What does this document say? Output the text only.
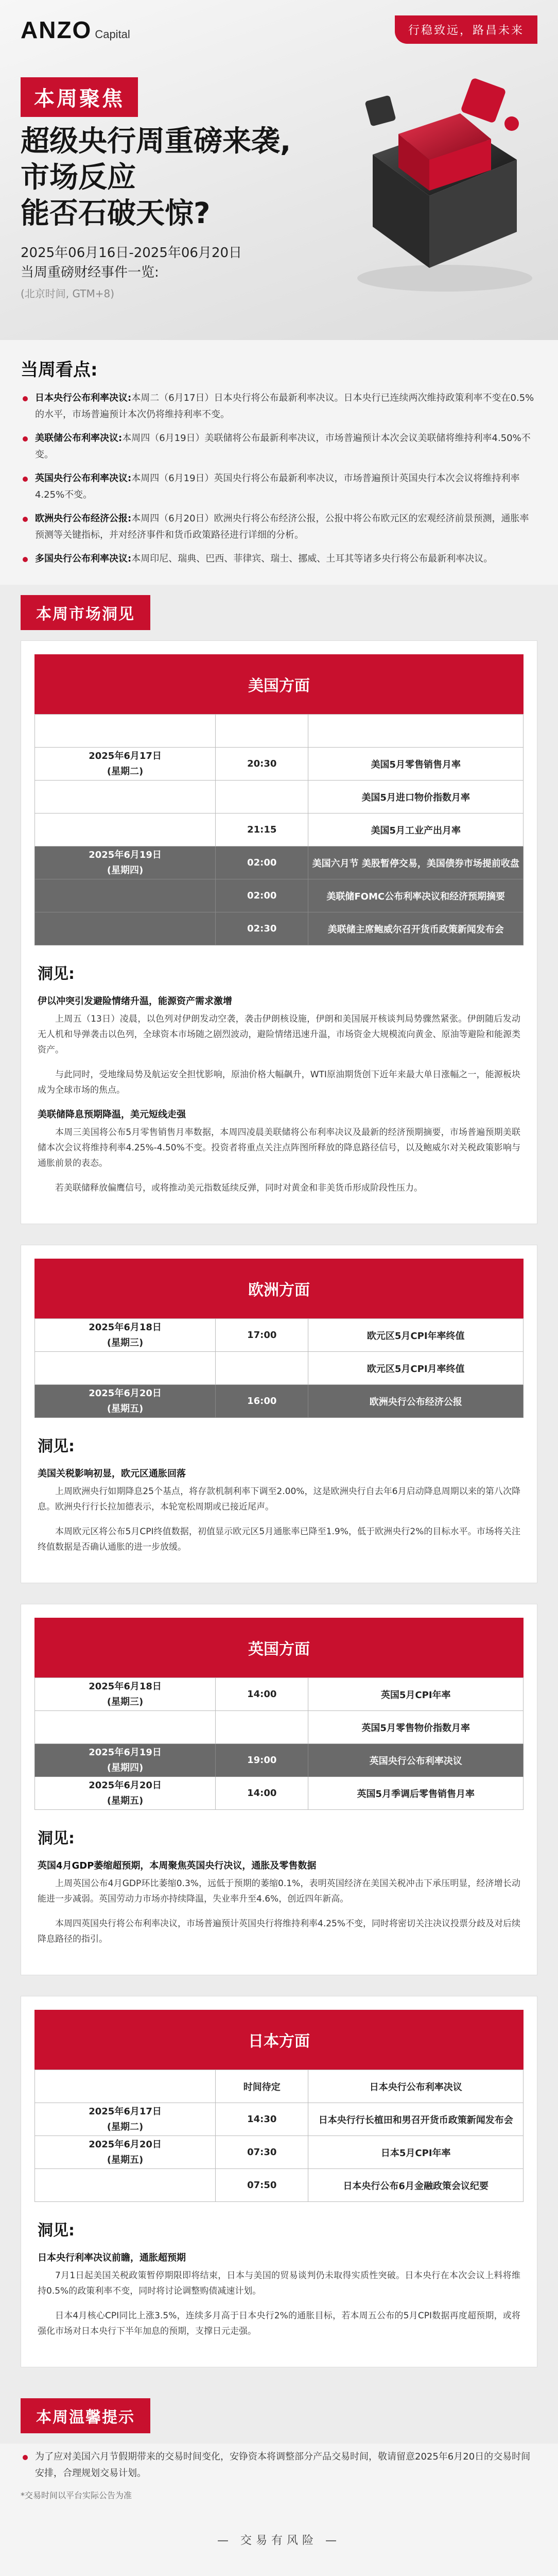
ANZO Capital	行稳致远，路昌未来
本周聚焦
超级央行周重磅来袭,
市场反应
能否石破天惊?
2025年06月16日-2025年06月20日
当周重磅财经事件一览:
(北京时间, GTM+8)
当周看点:
日本央行公布利率决议:本周二（6月17日）日本央行将公布最新利率决议。日本央行已连续两次维持政策利率不变在0.5%的水平，市场普遍预计本次仍将维持利率不变。
美联储公布利率决议:本周四（6月19日）美联储将公布最新利率决议，市场普遍预计本次会议美联储将维持利率4.50%不变。
英国央行公布利率决议:本周四（6月19日）英国央行将公布最新利率决议，市场普遍预计英国央行本次会议将维持利率4.25%不变。
欧洲央行公布经济公报:本周四（6月20日）欧洲央行将公布经济公报，公报中将公布欧元区的宏观经济前景预测，通胀率预测等关键指标，并对经济事件和货币政策路径进行详细的分析。
多国央行公布利率决议:本周印尼、瑞典、巴西、菲律宾、瑞士、挪威、土耳其等诸多央行将公布最新利率决议。
本周市场洞见
美国方面

2025年6月17日
(星期二)	20:30	美国5月零售销售月率
		美国5月进口物价指数月率
	21:15	美国5月工业产出月率
2025年6月19日
(星期四)	02:00	美国六月节 美股暂停交易，美国债券市场提前收盘
	02:00	美联储FOMC公布利率决议和经济预期摘要
	02:30	美联储主席鲍威尔召开货币政策新闻发布会
洞见:
伊以冲突引发避险情绪升温，能源资产需求激增

上周五（13日）凌晨，以色列对伊朗发动空袭，袭击伊朗核设施，伊朗和美国展开核谈判局势骤然紧张。伊朗随后发动无人机和导弹袭击以色列，全球资本市场随之剧烈波动，避险情绪迅速升温，市场资金大规模流向黄金、原油等避险和能源类资产。

与此同时，受地缘局势及航运安全担忧影响，原油价格大幅飙升，WTI原油期货创下近年来最大单日涨幅之一，能源板块成为全球市场的焦点。

美联储降息预期降温，美元短线走强

本周三美国将公布5月零售销售月率数据，本周四凌晨美联储将公布利率决议及最新的经济预期摘要，市场普遍预期美联储本次会议将维持利率4.25%-4.50%不变。投资者将重点关注点阵图所释放的降息路径信号，以及鲍威尔对关税政策影响与通胀前景的表态。

若美联储释放偏鹰信号，或将推动美元指数延续反弹，同时对黄金和非美货币形成阶段性压力。

欧洲方面
2025年6月18日
(星期三)	17:00	欧元区5月CPI年率终值
		欧元区5月CPI月率终值
2025年6月20日
(星期五)	16:00	欧洲央行公布经济公报
洞见:
美国关税影响初显，欧元区通胀回落

上周欧洲央行如期降息25个基点，将存款机制利率下调至2.00%，这是欧洲央行自去年6月启动降息周期以来的第八次降息。欧洲央行行长拉加德表示，本轮宽松周期或已接近尾声。

本周欧元区将公布5月CPI终值数据，初值显示欧元区5月通胀率已降至1.9%，低于欧洲央行2%的目标水平。市场将关注终值数据是否确认通胀的进一步放缓。

英国方面
2025年6月18日
(星期三)	14:00	英国5月CPI年率
		英国5月零售物价指数月率
2025年6月19日
(星期四)	19:00	英国央行公布利率决议
2025年6月20日
(星期五)	14:00	英国5月季调后零售销售月率
洞见:
英国4月GDP萎缩超预期，本周聚焦英国央行决议，通胀及零售数据

上周英国公布4月GDP环比萎缩0.3%，远低于预期的萎缩0.1%，表明英国经济在美国关税冲击下承压明显，经济增长动能进一步减弱。英国劳动力市场亦持续降温，失业率升至4.6%，创近四年新高。

本周四英国央行将公布利率决议，市场普遍预计英国央行将维持利率4.25%不变，同时将密切关注决议投票分歧及对后续降息路径的指引。

日本方面
	时间待定	日本央行公布利率决议
2025年6月17日
(星期二)	14:30	日本央行行长植田和男召开货币政策新闻发布会
2025年6月20日
(星期五)	07:30	日本5月CPI年率
	07:50	日本央行公布6月金融政策会议纪要
洞见:
日本央行利率决议前瞻，通胀超预期

7月1日起美国关税政策暂停期限即将结束，日本与美国的贸易谈判仍未取得实质性突破。日本央行在本次会议上料将维持0.5%的政策利率不变，同时将讨论调整购债减速计划。

日本4月核心CPI同比上涨3.5%，连续多月高于日本央行2%的通胀目标，若本周五公布的5月CPI数据再度超预期，或将强化市场对日本央行下半年加息的预期，支撑日元走强。

本周温馨提示
为了应对美国六月节假期带来的交易时间变化，安铮资本将调整部分产品交易时间，敬请留意2025年6月20日的交易时间安排，合理规划交易计划。
*交易时间以平台实际公告为准
— 交易有风险 —
